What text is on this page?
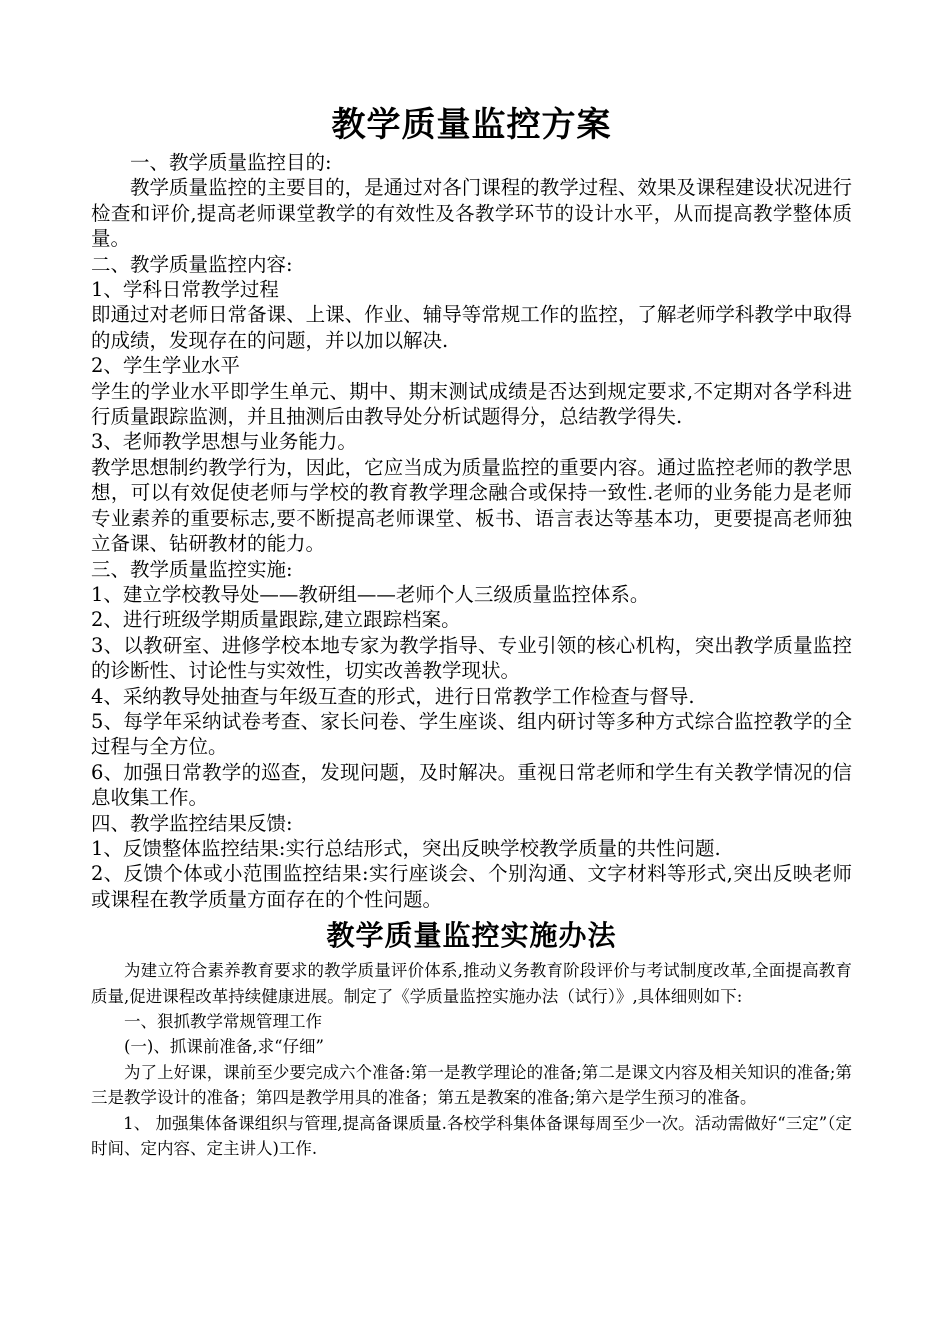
教学质量监控方案

一、教学质量监控目的:

教学质量监控的主要目的，是通过对各门课程的教学过程、效果及课程建设状况进行检查和评价,提高老师课堂教学的有效性及各教学环节的设计水平，从而提高教学整体质量。

二、教学质量监控内容:

1、学科日常教学过程

即通过对老师日常备课、上课、作业、辅导等常规工作的监控，了解老师学科教学中取得的成绩，发现存在的问题，并以加以解决.

2、学生学业水平

学生的学业水平即学生单元、期中、期末测试成绩是否达到规定要求,不定期对各学科进行质量跟踪监测，并且抽测后由教导处分析试题得分，总结教学得失.

3、老师教学思想与业务能力。

教学思想制约教学行为，因此，它应当成为质量监控的重要内容。通过监控老师的教学思想，可以有效促使老师与学校的教育教学理念融合或保持一致性.老师的业务能力是老师专业素养的重要标志,要不断提高老师课堂、板书、语言表达等基本功，更要提高老师独立备课、钻研教材的能力。

三、教学质量监控实施:

1、建立学校教导处——教研组——老师个人三级质量监控体系。

2、进行班级学期质量跟踪,建立跟踪档案。

3、以教研室、进修学校本地专家为教学指导、专业引领的核心机构，突出教学质量监控的诊断性、讨论性与实效性，切实改善教学现状。

4、采纳教导处抽查与年级互查的形式，进行日常教学工作检查与督导.

5、每学年采纳试卷考查、家长问卷、学生座谈、组内研讨等多种方式综合监控教学的全过程与全方位。

6、加强日常教学的巡查，发现问题，及时解决。重视日常老师和学生有关教学情况的信息收集工作。

四、教学监控结果反馈:

1、反馈整体监控结果:实行总结形式，突出反映学校教学质量的共性问题.

2、反馈个体或小范围监控结果:实行座谈会、个别沟通、文字材料等形式,突出反映老师或课程在教学质量方面存在的个性问题。

教学质量监控实施办法

为建立符合素养教育要求的教学质量评价体系,推动义务教育阶段评价与考试制度改革,全面提高教育质量,促进课程改革持续健康进展。制定了《学质量监控实施办法（试行）》,具体细则如下:

一、狠抓教学常规管理工作

(一)、抓课前准备,求“仔细”

为了上好课，课前至少要完成六个准备:第一是教学理论的准备;第二是课文内容及相关知识的准备;第三是教学设计的准备；第四是教学用具的准备；第五是教案的准备;第六是学生预习的准备。

1、 加强集体备课组织与管理,提高备课质量.各校学科集体备课每周至少一次。活动需做好“三定”（定时间、定内容、定主讲人)工作.
